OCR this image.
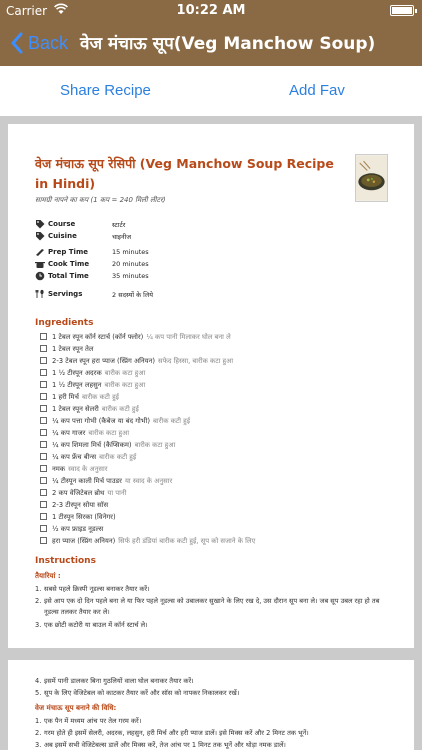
Carrier	10:22 AM
Back वेज मंचाऊ सूप(Veg Manchow Soup)
Share Recipe	Add Fav
वेज मंचाऊ सूप रेसिपी (Veg Manchow Soup Recipe in Hindi)
सामग्री नापने का कप (1 कप = 240 मिली लीटर)
Course	स्टार्टर
Cuisine	चाइनीज
Prep Time	15 minutes
Cook Time	20 minutes
Total Time	35 minutes
Servings	2 सदस्यों के लिये
Ingredients
1 टेबल स्पून कॉर्न स्टार्च (कॉर्न फ्लोर) ¼ कप पानी मिलाकर घोल बना ले
1 टेबल स्पून तेल
2-3 टेबल स्पून हरा प्याज (स्प्रिंग अनियन) सफेद हिस्सा, बारीक कटा हुआ
1 ½ टीस्पून अदरक बारीक कटा हुआ
1 ½ टीस्पून लहसुन बारीक कटा हुआ
1 हरी मिर्च बारीक कटी हुई
1 टेबल स्पून सेलरी बारीक कटी हुई
¼ कप पत्ता गोभी (कैबेज या बंद गोभी) बारीक कटी हुई
¼ कप गाजर बारीक कटा हुआ
¼ कप शिमला मिर्च (कैप्सिकम) बारीक कटा हुआ
¼ कप फ्रेंच बीन्स बारीक कटी हुई
नमक स्वाद के अनुसार
¼ टीस्पून काली मिर्च पाउडर या स्वाद के अनुसार
2 कप वेजिटेबल ब्रोथ या पानी
2-3 टीस्पून सोया सॉस
1 टीस्पून सिरका (विनेगर)
½ कप फ्राइड नूडल्स
हरा प्याज (स्प्रिंग अनियन) सिर्फ हरी डंडियां बारीक कटी हुई, सूप को सजाने के लिए
Instructions
तैयारियां :
1. सबसे पहले क्रिस्पी नूडल्स बनाकर तैयार करें।
2. इसे आप एक दो दिन पहले बना ले या फिर पहले नूडल्स को उबालकर सुखाने के लिए रख दे, उस दौरान सूप बना ले। जब सूप उबल रहा हो तब नूडल्स तलकर तैयार कर ले।
3. एक छोटी कटोरी या बाउल में कॉर्न स्टार्च ले।
4. इसमें पानी डालकर बिना गुठलियों वाला घोल बनाकर तैयार करें।
5. सूप के लिए वेजिटेबल को काटकर तैयार करें और सॉस को नापकर निकालकर रखें।
वेज मंचाऊ सूप बनाने की विधि:
1. एक पैन में मध्यम आंच पर तेल गरम करें।
2. गरम होते ही इसमें सेलरी, अदरक, लहसुन, हरी मिर्च और हरी प्याज डालें। इसे मिक्स करें और 2 मिनट तक भूनें।
3. अब इसमें सभी वेजिटेबल्स डालें और मिक्स करें, तेज आंच पर 1 मिनट तक भूनें और थोड़ा नमक डालें।
